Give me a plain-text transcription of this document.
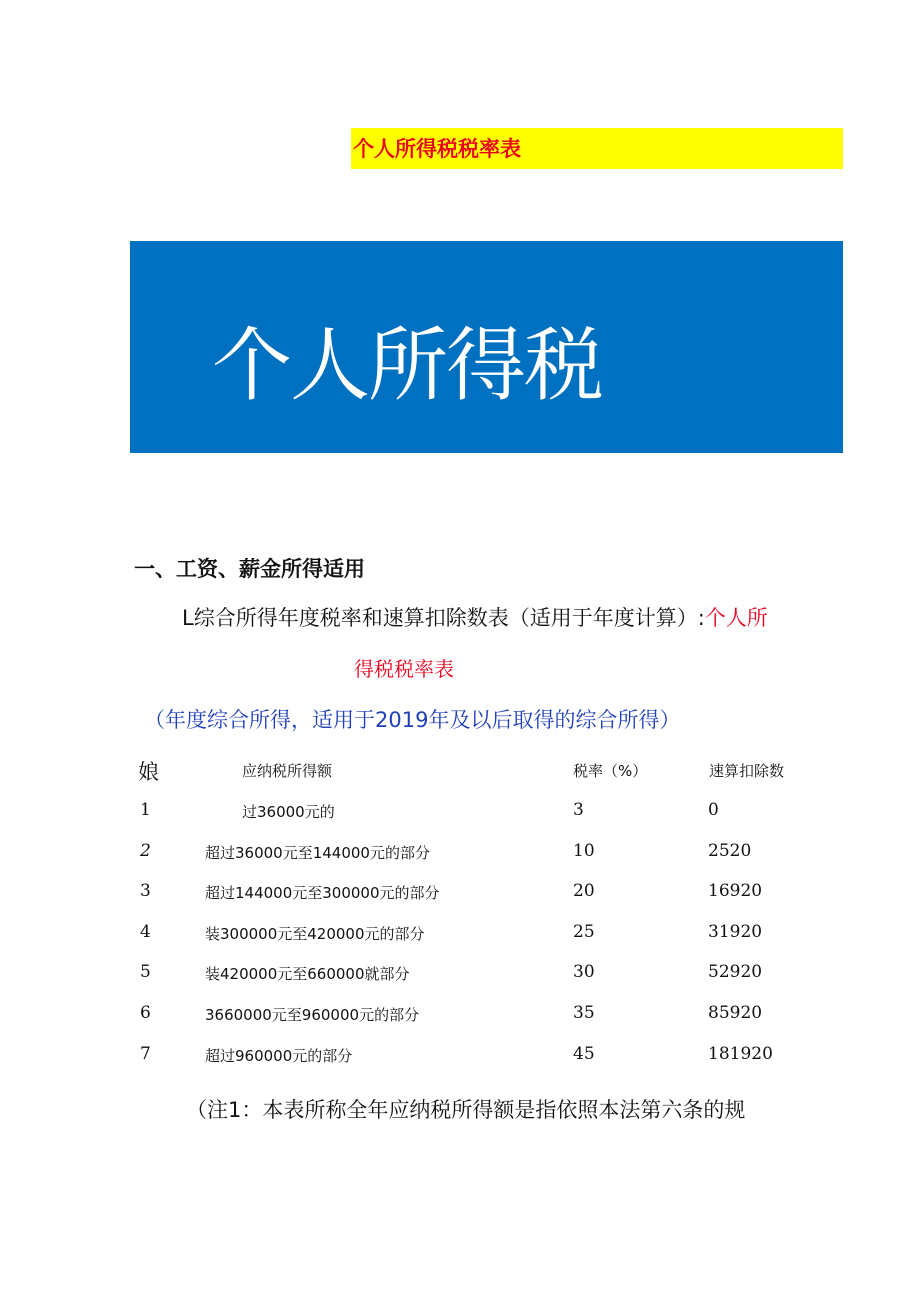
个人所得税税率表
个人所得税
一、工资、薪金所得适用
L综合所得年度税率和速算扣除数表（适用于年度计算）:个人所
得税税率表
（年度综合所得，适用于2019年及以后取得的综合所得）
娘	应纳税所得额	税率（%）	速算扣除数
1	过36000元的	3	0
2	超过36000元至144000元的部分	10	2520
3	超过144000元至300000元的部分	20	16920
4	装300000元至420000元的部分	25	31920
5	装420000元至660000就部分	30	52920
6	3660000元至960000元的部分	35	85920
7	超过960000元的部分	45	181920
（注1：本表所称全年应纳税所得额是指依照本法第六条的规
